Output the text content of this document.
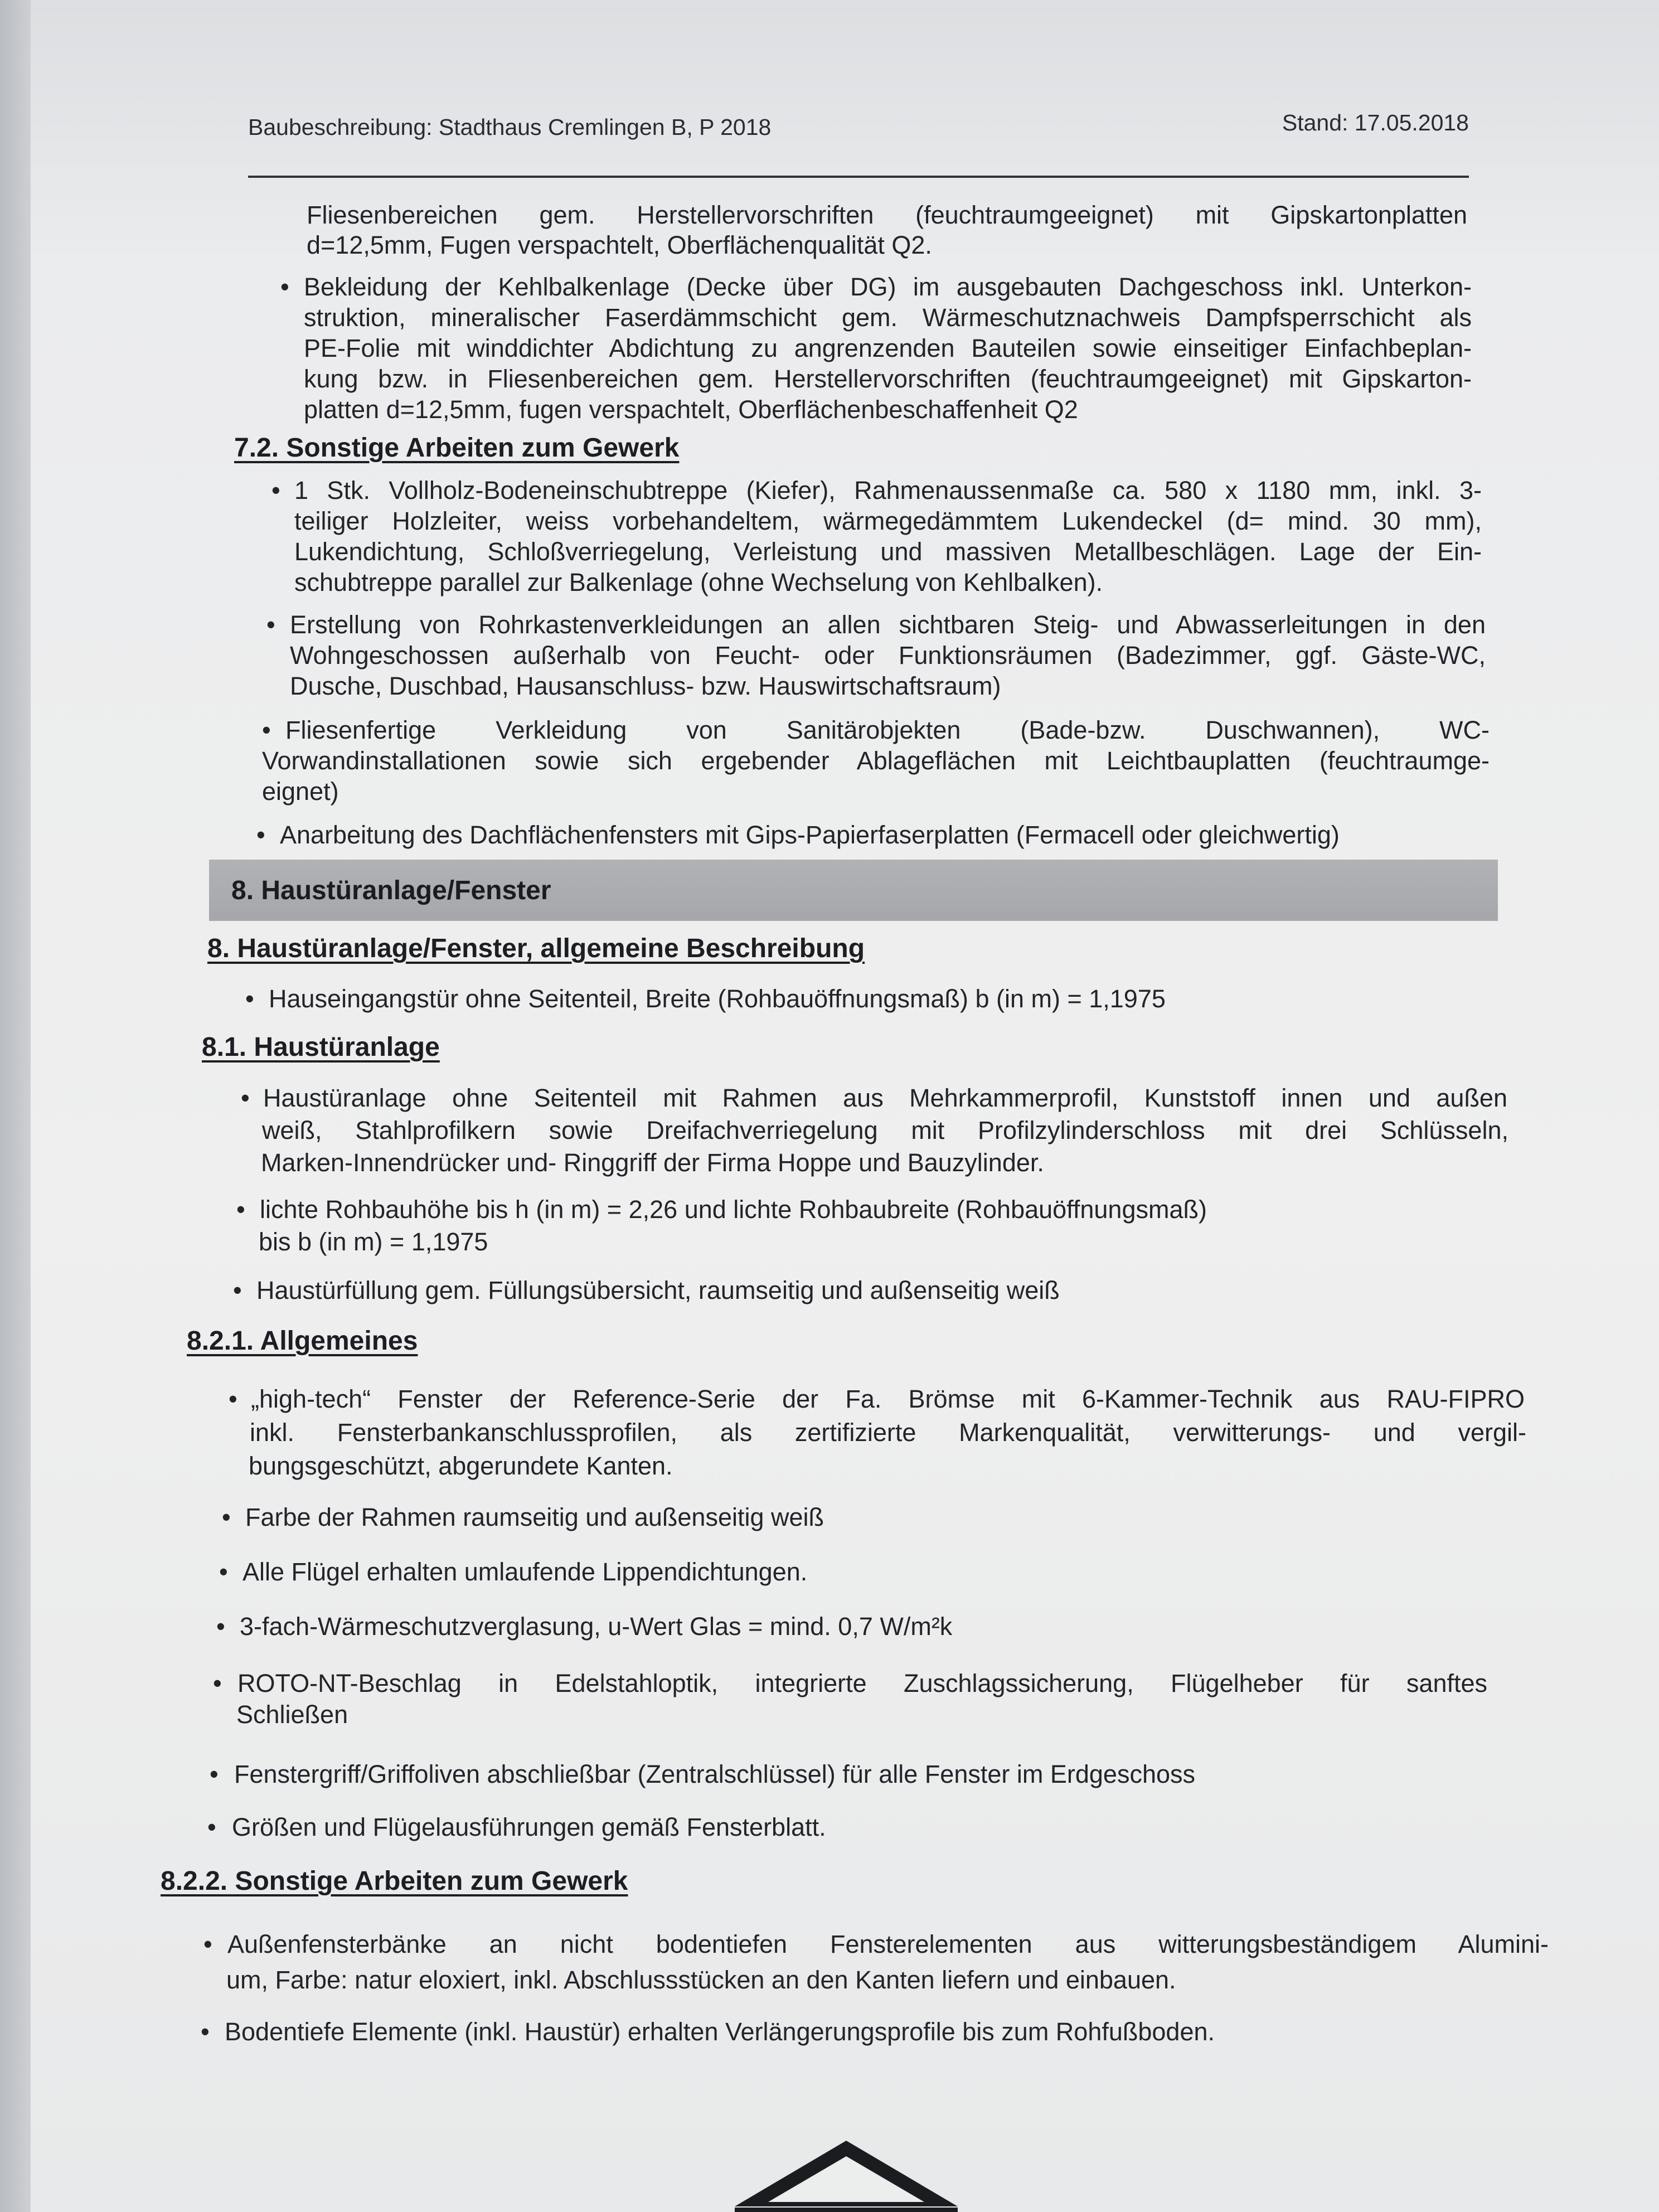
Baubeschreibung: Stadthaus Cremlingen B, P 2018	Stand: 17.05.2018
Fliesenbereichen gem. Herstellervorschriften (feuchtraumgeeignet) mit Gipskartonplatten
d=12,5mm, Fugen verspachtelt, Oberflächenqualität Q2.
• Bekleidung der Kehlbalkenlage (Decke über DG) im ausgebauten Dachgeschoss inkl. Unterkon-
struktion, mineralischer Faserdämmschicht gem. Wärmeschutznachweis Dampfsperrschicht als
PE-Folie mit winddichter Abdichtung zu angrenzenden Bauteilen sowie einseitiger Einfachbeplan-
kung bzw. in Fliesenbereichen gem. Herstellervorschriften (feuchtraumgeeignet) mit Gipskarton-
platten d=12,5mm, fugen verspachtelt, Oberflächenbeschaffenheit Q2
7.2. Sonstige Arbeiten zum Gewerk
• 1 Stk. Vollholz-Bodeneinschubtreppe (Kiefer), Rahmenaussenmaße ca. 580 x 1180 mm, inkl. 3-
teiliger Holzleiter, weiss vorbehandeltem, wärmegedämmtem Lukendeckel (d= mind. 30 mm),
Lukendichtung, Schloßverriegelung, Verleistung und massiven Metallbeschlägen. Lage der Ein-
schubtreppe parallel zur Balkenlage (ohne Wechselung von Kehlbalken).
• Erstellung von Rohrkastenverkleidungen an allen sichtbaren Steig- und Abwasserleitungen in den
Wohngeschossen außerhalb von Feucht- oder Funktionsräumen (Badezimmer, ggf. Gäste-WC,
Dusche, Duschbad, Hausanschluss- bzw. Hauswirtschaftsraum)
• Fliesenfertige Verkleidung von Sanitärobjekten (Bade-bzw. Duschwannen), WC-
Vorwandinstallationen sowie sich ergebender Ablageflächen mit Leichtbauplatten (feuchtraumge-
eignet)
• Anarbeitung des Dachflächenfensters mit Gips-Papierfaserplatten (Fermacell oder gleichwertig)
8. Haustüranlage/Fenster
8. Haustüranlage/Fenster, allgemeine Beschreibung
• Hauseingangstür ohne Seitenteil, Breite (Rohbauöffnungsmaß) b (in m) = 1,1975
8.1. Haustüranlage
• Haustüranlage ohne Seitenteil mit Rahmen aus Mehrkammerprofil, Kunststoff innen und außen
weiß, Stahlprofilkern sowie Dreifachverriegelung mit Profilzylinderschloss mit drei Schlüsseln,
Marken-Innendrücker und- Ringgriff der Firma Hoppe und Bauzylinder.
• lichte Rohbauhöhe bis h (in m) = 2,26 und lichte Rohbaubreite (Rohbauöffnungsmaß)
bis b (in m) = 1,1975
• Haustürfüllung gem. Füllungsübersicht, raumseitig und außenseitig weiß
8.2.1. Allgemeines
• „high-tech“ Fenster der Reference-Serie der Fa. Brömse mit 6-Kammer-Technik aus RAU-FIPRO
inkl. Fensterbankanschlussprofilen, als zertifizierte Markenqualität, verwitterungs- und vergil-
bungsgeschützt, abgerundete Kanten.
• Farbe der Rahmen raumseitig und außenseitig weiß
• Alle Flügel erhalten umlaufende Lippendichtungen.
• 3-fach-Wärmeschutzverglasung, u-Wert Glas = mind. 0,7 W/m²k
• ROTO-NT-Beschlag in Edelstahloptik, integrierte Zuschlagssicherung, Flügelheber für sanftes
Schließen
• Fenstergriff/Griffoliven abschließbar (Zentralschlüssel) für alle Fenster im Erdgeschoss
• Größen und Flügelausführungen gemäß Fensterblatt.
8.2.2. Sonstige Arbeiten zum Gewerk
• Außenfensterbänke an nicht bodentiefen Fensterelementen aus witterungsbeständigem Alumini-
um, Farbe: natur eloxiert, inkl. Abschlussstücken an den Kanten liefern und einbauen.
• Bodentiefe Elemente (inkl. Haustür) erhalten Verlängerungsprofile bis zum Rohfußboden.
